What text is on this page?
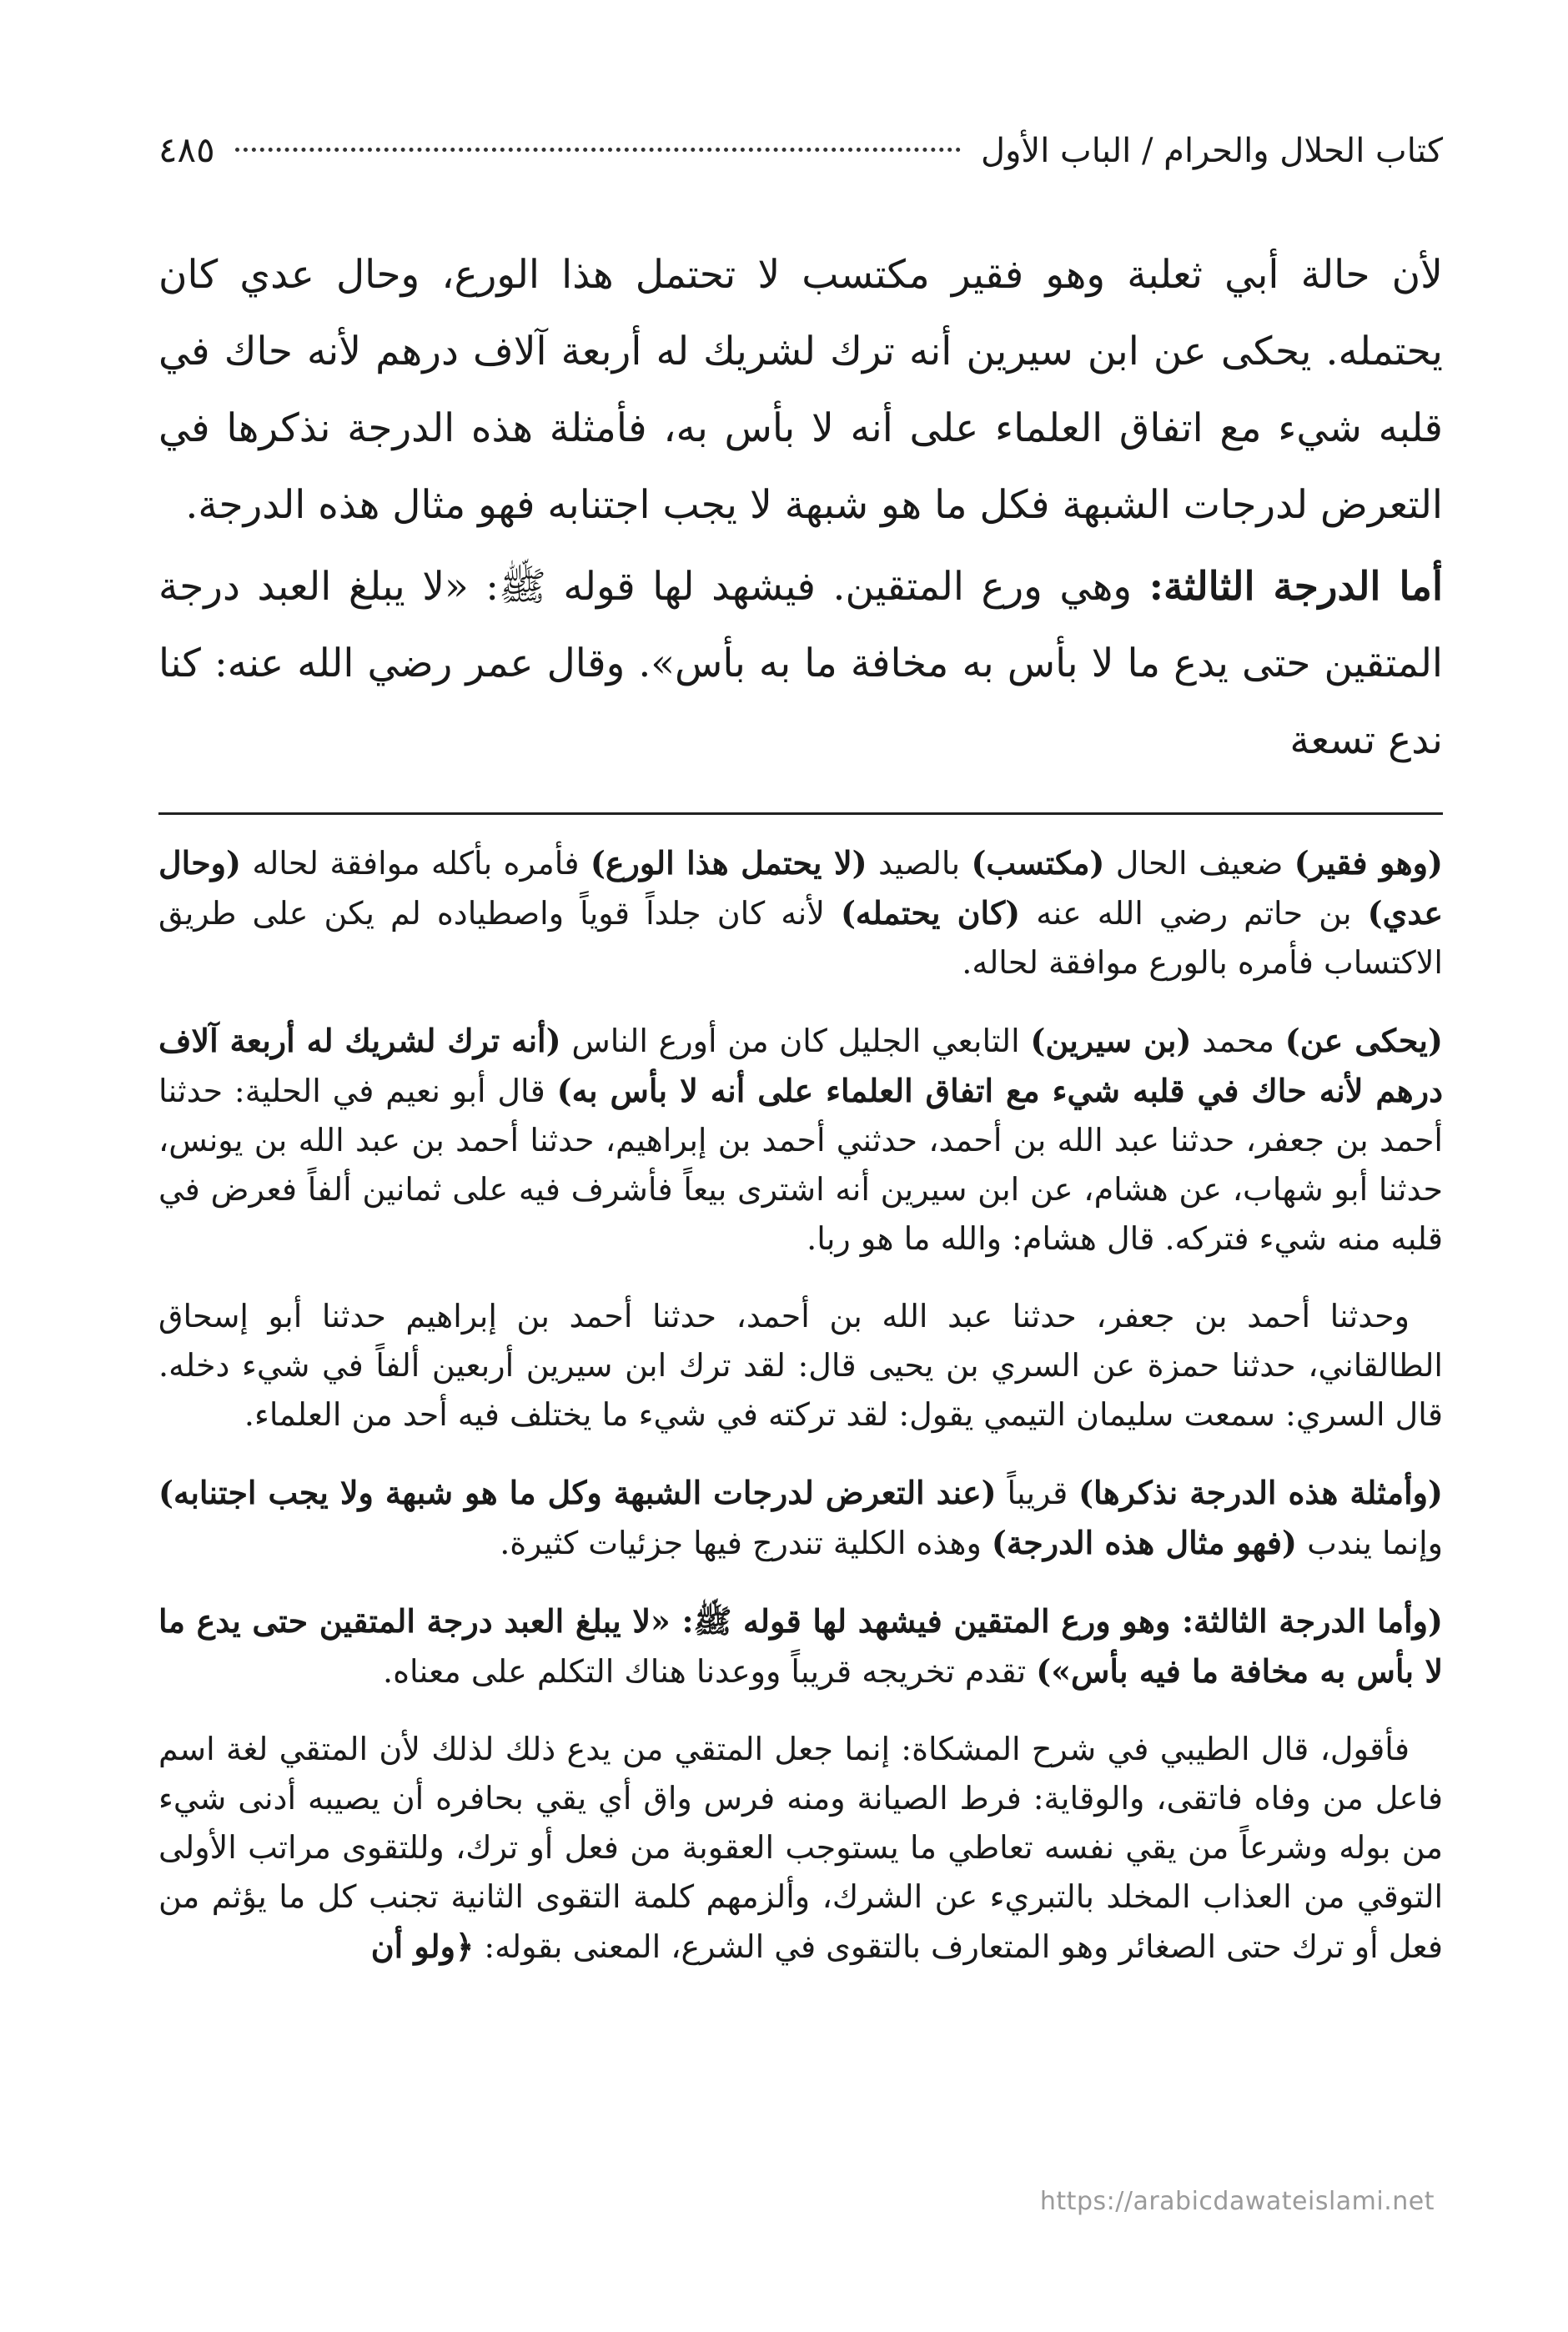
كتاب الحلال والحرام / الباب الأول
٤٨٥

لأن حالة أبي ثعلبة وهو فقير مكتسب لا تحتمل هذا الورع، وحال عدي كان يحتمله. يحكى عن ابن سيرين أنه ترك لشريك له أربعة آلاف درهم لأنه حاك في قلبه شيء مع اتفاق العلماء على أنه لا بأس به، فأمثلة هذه الدرجة نذكرها في التعرض لدرجات الشبهة فكل ما هو شبهة لا يجب اجتنابه فهو مثال هذه الدرجة.

أما الدرجة الثالثة: وهي ورع المتقين. فيشهد لها قوله ﷺ: «لا يبلغ العبد درجة المتقين حتى يدع ما لا بأس به مخافة ما به بأس». وقال عمر رضي الله عنه: كنا ندع تسعة

(وهو فقير) ضعيف الحال (مكتسب) بالصيد (لا يحتمل هذا الورع) فأمره بأكله موافقة لحاله (وحال عدي) بن حاتم رضي الله عنه (كان يحتمله) لأنه كان جلداً قوياً واصطياده لم يكن على طريق الاكتساب فأمره بالورع موافقة لحاله.

(يحكى عن) محمد (بن سيرين) التابعي الجليل كان من أورع الناس (أنه ترك لشريك له أربعة آلاف درهم لأنه حاك في قلبه شيء مع اتفاق العلماء على أنه لا بأس به) قال أبو نعيم في الحلية: حدثنا أحمد بن جعفر، حدثنا عبد الله بن أحمد، حدثني أحمد بن إبراهيم، حدثنا أحمد بن عبد الله بن يونس، حدثنا أبو شهاب، عن هشام، عن ابن سيرين أنه اشترى بيعاً فأشرف فيه على ثمانين ألفاً فعرض في قلبه منه شيء فتركه. قال هشام: والله ما هو ربا.

وحدثنا أحمد بن جعفر، حدثنا عبد الله بن أحمد، حدثنا أحمد بن إبراهيم حدثنا أبو إسحاق الطالقاني، حدثنا حمزة عن السري بن يحيى قال: لقد ترك ابن سيرين أربعين ألفاً في شيء دخله. قال السري: سمعت سليمان التيمي يقول: لقد تركته في شيء ما يختلف فيه أحد من العلماء.

(وأمثلة هذه الدرجة نذكرها) قريباً (عند التعرض لدرجات الشبهة وكل ما هو شبهة ولا يجب اجتنابه) وإنما يندب (فهو مثال هذه الدرجة) وهذه الكلية تندرج فيها جزئيات كثيرة.

(وأما الدرجة الثالثة: وهو ورع المتقين فيشهد لها قوله ﷺ: «لا يبلغ العبد درجة المتقين حتى يدع ما لا بأس به مخافة ما فيه بأس») تقدم تخريجه قريباً ووعدنا هناك التكلم على معناه.

فأقول، قال الطيبي في شرح المشكاة: إنما جعل المتقي من يدع ذلك لذلك لأن المتقي لغة اسم فاعل من وفاه فاتقى، والوقاية: فرط الصيانة ومنه فرس واق أي يقي بحافره أن يصيبه أدنى شيء من بوله وشرعاً من يقي نفسه تعاطي ما يستوجب العقوبة من فعل أو ترك، وللتقوى مراتب الأولى التوقي من العذاب المخلد بالتبريء عن الشرك، وألزمهم كلمة التقوى الثانية تجنب كل ما يؤثم من فعل أو ترك حتى الصغائر وهو المتعارف بالتقوى في الشرع، المعنى بقوله: ﴿ولو أن

https://arabicdawateislami.net
